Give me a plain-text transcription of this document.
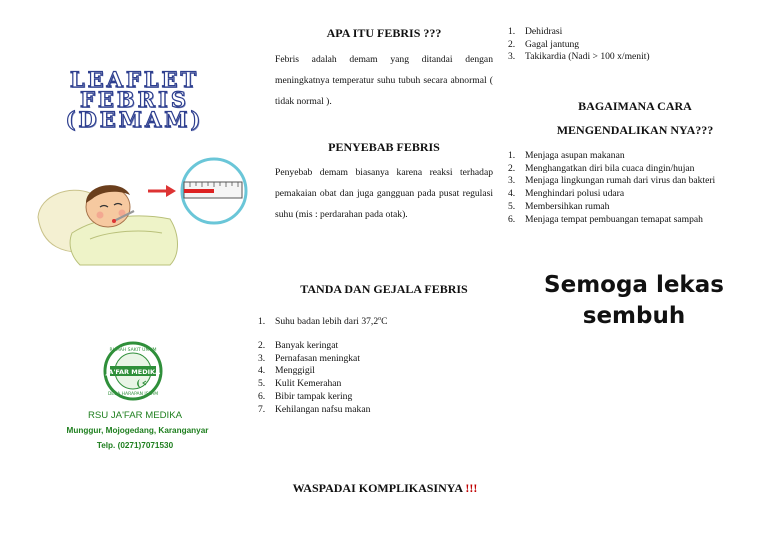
LEAFLET
FEBRIS
(DEMAM)
JA'FAR MEDIKA
RUMAH SAKIT UMUM
DESA HARAPAN ISLAM
RSU JA'FAR MEDIKA
Munggur, Mojogedang, Karanganyar
Telp. (0271)7071530
APA ITU FEBRIS ???
Febris adalah demam yang ditandai dengan meningkatnya temperatur suhu tubuh secara abnormal ( tidak normal ).
PENYEBAB FEBRIS
Penyebab demam biasanya karena reaksi terhadap pemakaian obat dan juga gangguan pada pusat regulasi suhu (mis : perdarahan pada otak).
TANDA DAN GEJALA FEBRIS
1. Suhu badan lebih dari 37,2$^o$C
2. Banyak keringat
3. Pernafasan meningkat
4. Menggigil
5. Kulit Kemerahan
6. Bibir tampak kering
7. Kehilangan nafsu makan
WASPADAI KOMPLIKASINYA !!!
1. Dehidrasi
2. Gagal jantung
3. Takikardia (Nadi > 100 x/menit)
BAGAIMANA CARA
MENGENDALIKAN NYA???
1. Menjaga asupan makanan
2. Menghangatkan diri bila cuaca dingin/hujan
3. Menjaga lingkungan rumah dari virus dan bakteri
4. Menghindari polusi udara
5. Membersihkan rumah
6. Menjaga tempat pembuangan temapat sampah
Semoga lekas
sembuh
